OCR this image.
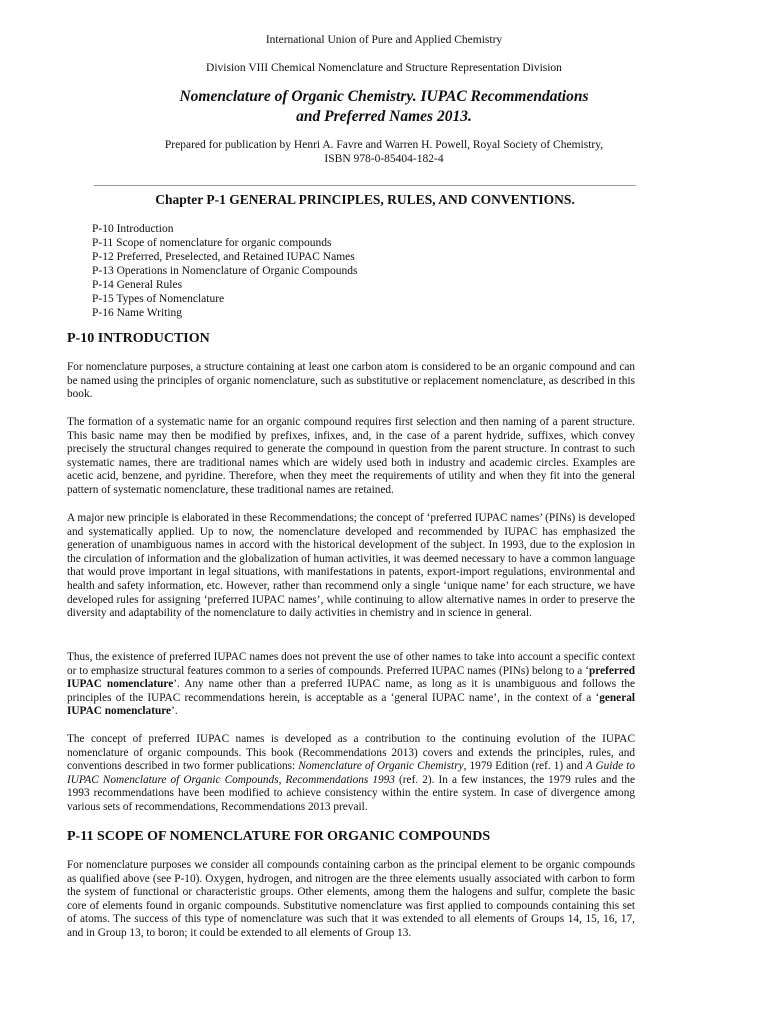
International Union of Pure and Applied Chemistry
Division VIII Chemical Nomenclature and Structure Representation Division
Nomenclature of Organic Chemistry. IUPAC Recommendations
and Preferred Names 2013.
Prepared for publication by Henri A. Favre and Warren H. Powell, Royal Society of Chemistry,
ISBN 978-0-85404-182-4
Chapter P-1 GENERAL PRINCIPLES, RULES, AND CONVENTIONS.
P-10 Introduction
P-11 Scope of nomenclature for organic compounds
P-12 Preferred, Preselected, and Retained IUPAC Names
P-13 Operations in Nomenclature of Organic Compounds
P-14 General Rules
P-15 Types of Nomenclature
P-16 Name Writing
P-10 INTRODUCTION

For nomenclature purposes, a structure containing at least one carbon atom is considered to be an organic compound and can be named using the principles of organic nomenclature, such as substitutive or replacement nomenclature, as described in this book.

The formation of a systematic name for an organic compound requires first selection and then naming of a parent structure. This basic name may then be modified by prefixes, infixes, and, in the case of a parent hydride, suffixes, which convey precisely the structural changes required to generate the compound in question from the parent structure. In contrast to such systematic names, there are traditional names which are widely used both in industry and academic circles. Examples are acetic acid, benzene, and pyridine. Therefore, when they meet the requirements of utility and when they fit into the general pattern of systematic nomenclature, these traditional names are retained.

A major new principle is elaborated in these Recommendations; the concept of ‘preferred IUPAC names’ (PINs) is developed and systematically applied. Up to now, the nomenclature developed and recommended by IUPAC has emphasized the generation of unambiguous names in accord with the historical development of the subject. In 1993, due to the explosion in the circulation of information and the globalization of human activities, it was deemed necessary to have a common language that would prove important in legal situations, with manifestations in patents, export-import regulations, environmental and health and safety information, etc. However, rather than recommend only a single ‘unique name’ for each structure, we have developed rules for assigning ‘preferred IUPAC names’, while continuing to allow alternative names in order to preserve the diversity and adaptability of the nomenclature to daily activities in chemistry and in science in general.

Thus, the existence of preferred IUPAC names does not prevent the use of other names to take into account a specific context or to emphasize structural features common to a series of compounds. Preferred IUPAC names (PINs) belong to a ‘preferred IUPAC nomenclature’. Any name other than a preferred IUPAC name, as long as it is unambiguous and follows the principles of the IUPAC recommendations herein, is acceptable as a ‘general IUPAC name’, in the context of a ‘general IUPAC nomenclature’.

The concept of preferred IUPAC names is developed as a contribution to the continuing evolution of the IUPAC nomenclature of organic compounds. This book (Recommendations 2013) covers and extends the principles, rules, and conventions described in two former publications: Nomenclature of Organic Chemistry, 1979 Edition (ref. 1) and A Guide to IUPAC Nomenclature of Organic Compounds, Recommendations 1993 (ref. 2). In a few instances, the 1979 rules and the 1993 recommendations have been modified to achieve consistency within the entire system. In case of divergence among various sets of recommendations, Recommendations 2013 prevail.

P-11 SCOPE OF NOMENCLATURE FOR ORGANIC COMPOUNDS

For nomenclature purposes we consider all compounds containing carbon as the principal element to be organic compounds as qualified above (see P-10). Oxygen, hydrogen, and nitrogen are the three elements usually associated with carbon to form the system of functional or characteristic groups. Other elements, among them the halogens and sulfur, complete the basic core of elements found in organic compounds. Substitutive nomenclature was first applied to compounds containing this set of atoms. The success of this type of nomenclature was such that it was extended to all elements of Groups 14, 15, 16, 17, and in Group 13, to boron; it could be extended to all elements of Group 13.
